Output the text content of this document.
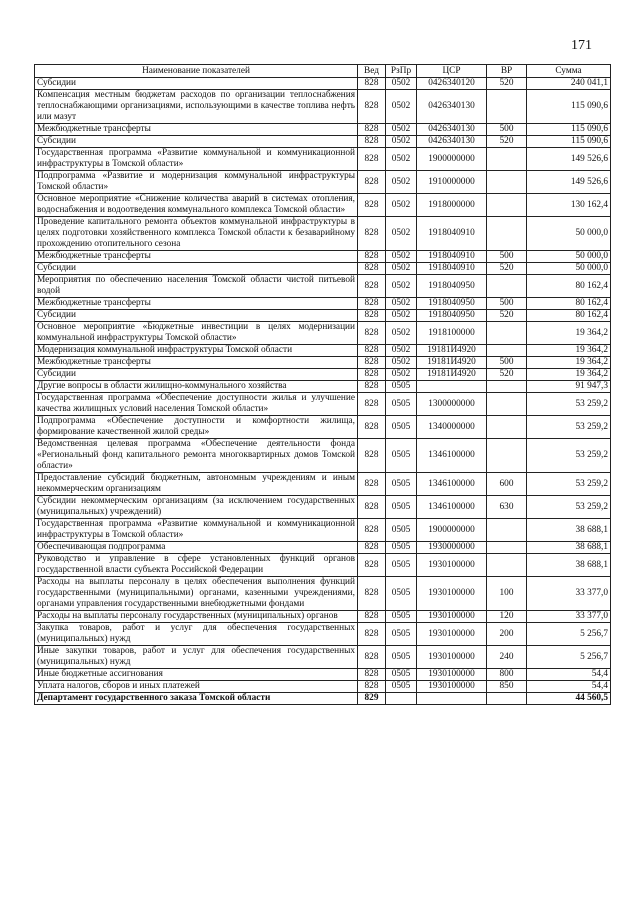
171
Наименование показателей	Вед	РзПр	ЦСР	ВР	Сумма
Субсидии	828	0502	0426340120	520	240 041,1
Компенсация местным бюджетам расходов по организации теплоснабжения теплоснабжающими организациями, использующими в качестве топлива нефть или мазут	828	0502	0426340130		115 090,6
Межбюджетные трансферты	828	0502	0426340130	500	115 090,6
Субсидии	828	0502	0426340130	520	115 090,6
Государственная программа «Развитие коммунальной и коммуникационной инфраструктуры в Томской области»	828	0502	1900000000		149 526,6
Подпрограмма «Развитие и модернизация коммунальной инфраструктуры Томской области»	828	0502	1910000000		149 526,6
Основное мероприятие «Снижение количества аварий в системах отопления, водоснабжения и водоотведения коммунального комплекса Томской области»	828	0502	1918000000		130 162,4
Проведение капитального ремонта объектов коммунальной инфраструктуры в целях подготовки хозяйственного комплекса Томской области к безаварийному прохождению отопительного сезона	828	0502	1918040910		50 000,0
Межбюджетные трансферты	828	0502	1918040910	500	50 000,0
Субсидии	828	0502	1918040910	520	50 000,0
Мероприятия по обеспечению населения Томской области чистой питьевой водой	828	0502	1918040950		80 162,4
Межбюджетные трансферты	828	0502	1918040950	500	80 162,4
Субсидии	828	0502	1918040950	520	80 162,4
Основное мероприятие «Бюджетные инвестиции в целях модернизации коммунальной инфраструктуры Томской области»	828	0502	1918100000		19 364,2
Модернизация коммунальной инфраструктуры Томской области	828	0502	19181И4920		19 364,2
Межбюджетные трансферты	828	0502	19181И4920	500	19 364,2
Субсидии	828	0502	19181И4920	520	19 364,2
Другие вопросы в области жилищно-коммунального хозяйства	828	0505			91 947,3
Государственная программа «Обеспечение доступности жилья и улучшение качества жилищных условий населения Томской области»	828	0505	1300000000		53 259,2
Подпрограмма «Обеспечение доступности и комфортности жилища, формирование качественной жилой среды»	828	0505	1340000000		53 259,2
Ведомственная целевая программа «Обеспечение деятельности фонда «Региональный фонд капитального ремонта многоквартирных домов Томской области»	828	0505	1346100000		53 259,2
Предоставление субсидий бюджетным, автономным учреждениям и иным некоммерческим организациям	828	0505	1346100000	600	53 259,2
Субсидии некоммерческим организациям (за исключением государственных (муниципальных) учреждений)	828	0505	1346100000	630	53 259,2
Государственная программа «Развитие коммунальной и коммуникационной инфраструктуры в Томской области»	828	0505	1900000000		38 688,1
Обеспечивающая подпрограмма	828	0505	1930000000		38 688,1
Руководство и управление в сфере установленных функций органов государственной власти субъекта Российской Федерации	828	0505	1930100000		38 688,1
Расходы на выплаты персоналу в целях обеспечения выполнения функций государственными (муниципальными) органами, казенными учреждениями, органами управления государственными внебюджетными фондами	828	0505	1930100000	100	33 377,0
Расходы на выплаты персоналу государственных (муниципальных) органов	828	0505	1930100000	120	33 377,0
Закупка товаров, работ и услуг для обеспечения государственных (муниципальных) нужд	828	0505	1930100000	200	5 256,7
Иные закупки товаров, работ и услуг для обеспечения государственных (муниципальных) нужд	828	0505	1930100000	240	5 256,7
Иные бюджетные ассигнования	828	0505	1930100000	800	54,4
Уплата налогов, сборов и иных платежей	828	0505	1930100000	850	54,4
Департамент государственного заказа Томской области	829				44 560,5
